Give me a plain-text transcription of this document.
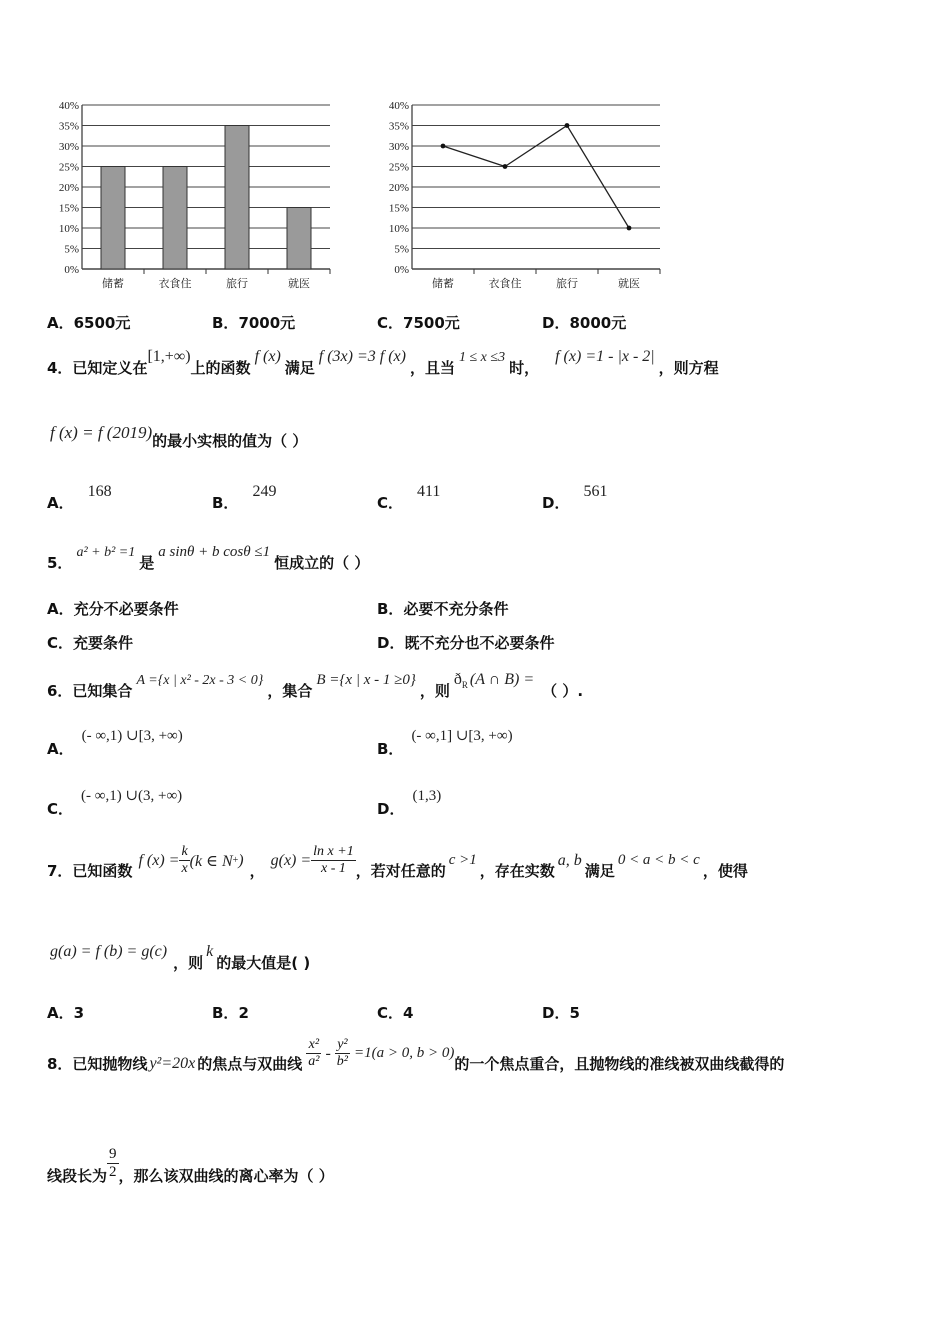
0%
5%
10%
15%
20%
25%
30%
35%
40%
储蓄	衣食住	旅行	就医
0%
5%
10%
15%
20%
25%
30%
35%
40%
储蓄	衣食住	旅行	就医
A．6500元	B．7000元	C．7500元	D．8000元
4．已知定义在[1,+∞)上的函数f (x)满足f (3x) =3 f (x)，且当1 ≤ x ≤3时，f (x) =1 - |x - 2|，则方程
f (x) = f (2019)的最小实根的值为（ ）
A．168
B．249
C．411
D．561
5．a² + b² =1是a sinθ + b cosθ ≤1恒成立的（ ）
A．充分不必要条件	B．必要不充分条件
C．充要条件	D．既不充分也不必要条件
6．已知集合A ={x | x² - 2x - 3 < 0}，集合B ={x | x - 1 ≥0}，则$ð_R$ (A ∩ B) =（ ）.
A．(- ∞,1) ∪[3, +∞)
B．(- ∞,1] ∪[3, +∞)
C．(- ∞,1) ∪(3, +∞)
D．(1,3)
7．已知函数
f $(x) = \frac{k}{x} (k$ ∈ N + )
，
$g(x) = \frac{\text{ln x +1}}{x - 1}$ ，若对任意的
c >1
，存在实数
a, b
满足
0 < a < b < c
，使得
g(a) = f (b) = g(c)，则k的最大值是( )
A．3	B．2	C．4	D．5
8．已知抛物线 y²=20x 的焦点与双曲线 $\frac{\text{x²}}{\text{a²}} - \frac{\text{y²}}{\text{b²}} =1(a > 0$, b > 0)
的一个焦点重合，且抛物线的准线被双曲线截得的
线段长为 $\frac{9}{2}$ ，那么该双曲线的离心率为（ ）
